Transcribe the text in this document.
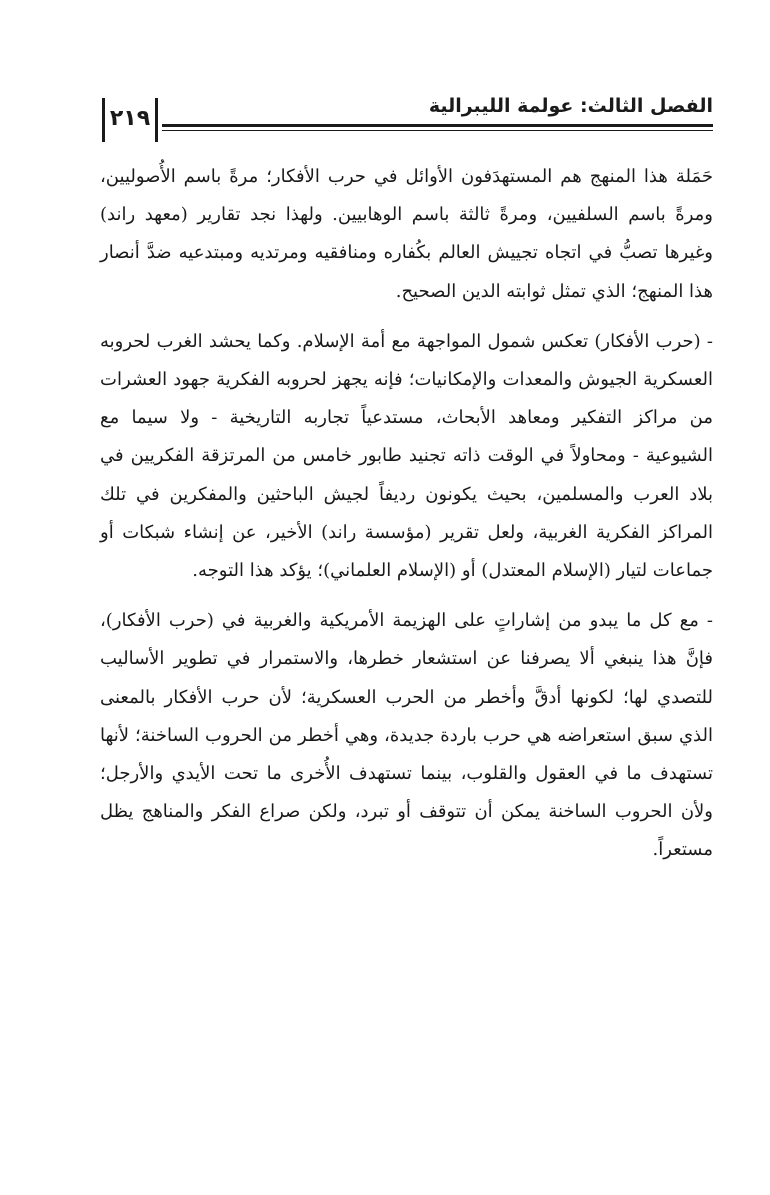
الفصل الثالث: عولمة الليبرالية
٢١٩

حَمَلة هذا المنهج هم المستهدَفون الأوائل في حرب الأفكار؛ مرةً باسم الأُصوليين، ومرةً باسم السلفيين، ومرةً ثالثة باسم الوهابيين. ولهذا نجد تقارير (معهد راند) وغيرها تصبُّ في اتجاه تجييش العالم بكُفاره ومنافقيه ومرتديه ومبتدعيه ضدَّ أنصار هذا المنهج؛ الذي تمثل ثوابته الدين الصحيح.

- (حرب الأفكار) تعكس شمول المواجهة مع أمة الإسلام. وكما يحشد الغرب لحروبه العسكرية الجيوش والمعدات والإمكانيات؛ فإنه يجهز لحروبه الفكرية جهود العشرات من مراكز التفكير ومعاهد الأبحاث، مستدعياً تجاربه التاريخية - ولا سيما مع الشيوعية - ومحاولاً في الوقت ذاته تجنيد طابور خامس من المرتزقة الفكريين في بلاد العرب والمسلمين، بحيث يكونون رديفاً لجيش الباحثين والمفكرين في تلك المراكز الفكرية الغربية، ولعل تقرير (مؤسسة راند) الأخير، عن إنشاء شبكات أو جماعات لتيار (الإسلام المعتدل) أو (الإسلام العلماني)؛ يؤكد هذا التوجه.

- مع كل ما يبدو من إشاراتٍ على الهزيمة الأمريكية والغربية في (حرب الأفكار)، فإنَّ هذا ينبغي ألا يصرفنا عن استشعار خطرها، والاستمرار في تطوير الأساليب للتصدي لها؛ لكونها أدقَّ وأخطر من الحرب العسكرية؛ لأن حرب الأفكار بالمعنى الذي سبق استعراضه هي حرب باردة جديدة، وهي أخطر من الحروب الساخنة؛ لأنها تستهدف ما في العقول والقلوب، بينما تستهدف الأُخرى ما تحت الأيدي والأرجل؛ ولأن الحروب الساخنة يمكن أن تتوقف أو تبرد، ولكن صراع الفكر والمناهج يظل مستعراً.
